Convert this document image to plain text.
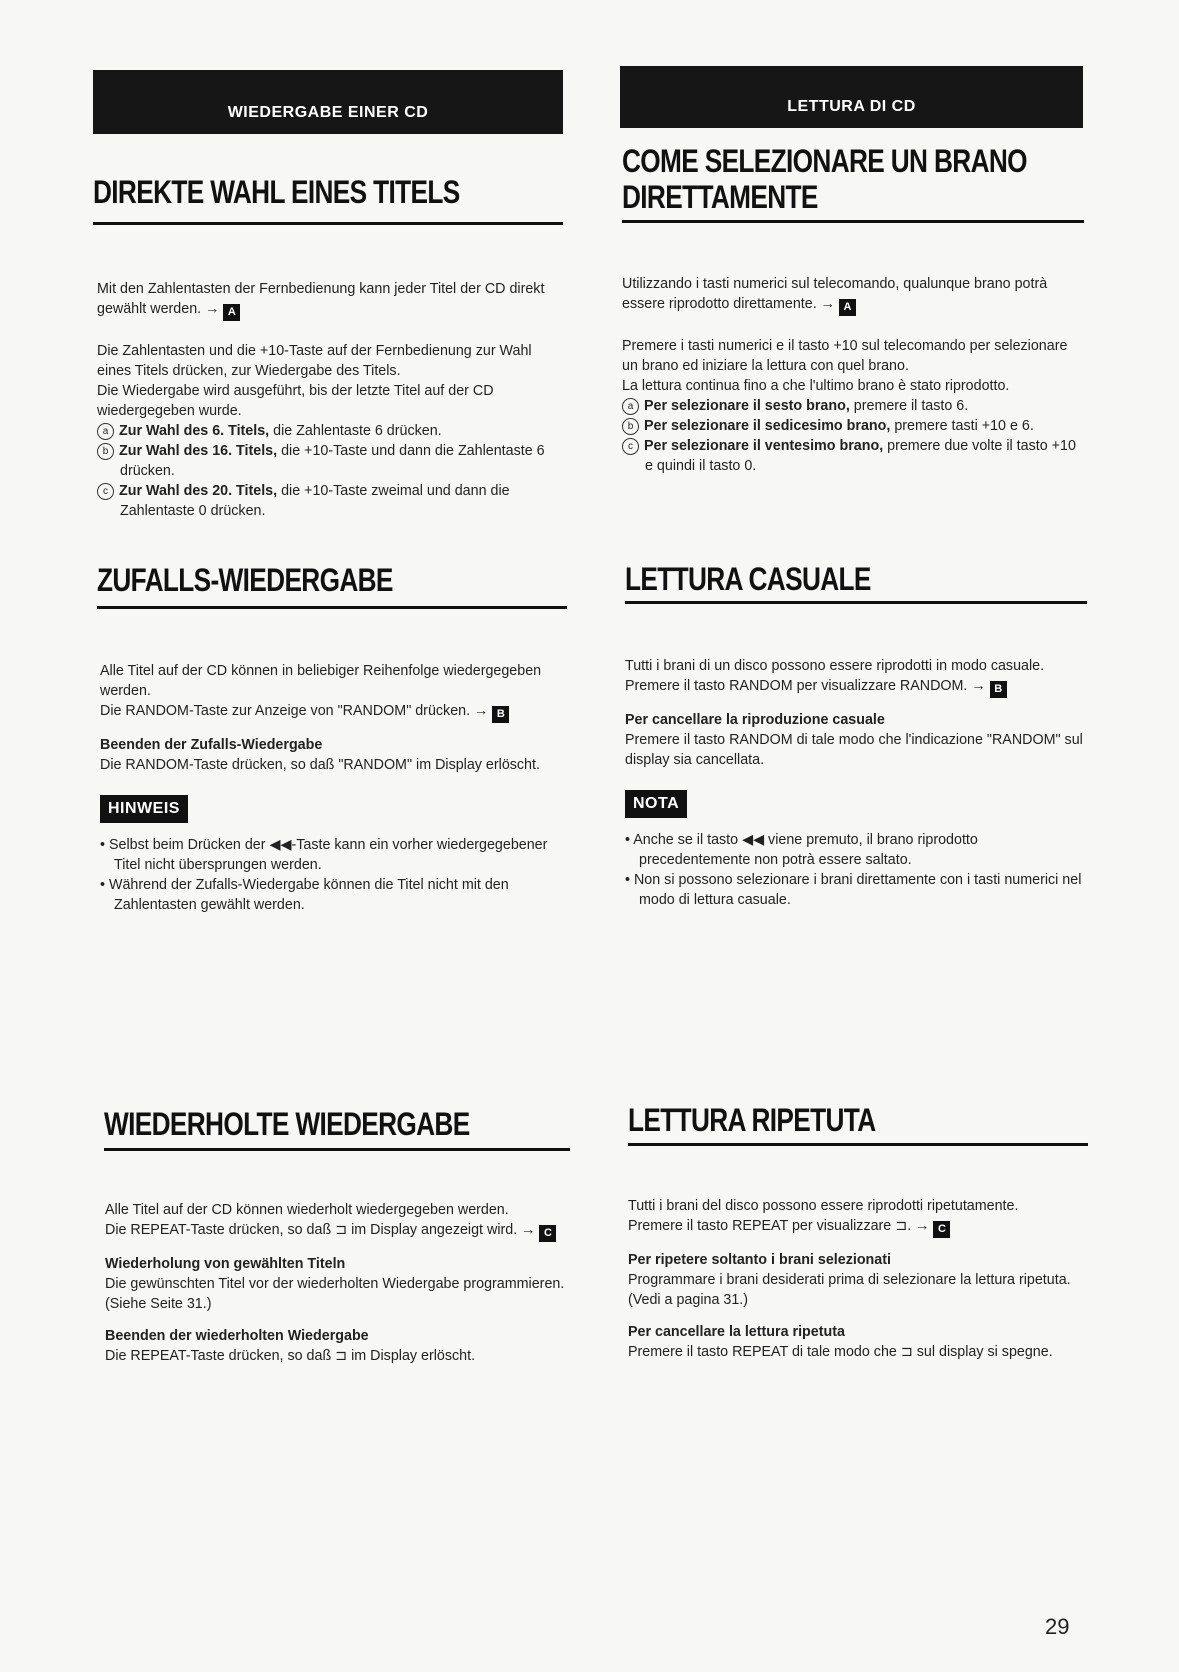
WIEDERGABE EINER CD	LETTURA DI CD
DIREKTE WAHL EINES TITELS

Mit den Zahlentasten der Fernbedienung kann jeder Titel der CD direkt gewählt werden. → A

Die Zahlentasten und die +10-Taste auf der Fernbedienung zur Wahl eines Titels drücken, zur Wiedergabe des Titels.

Die Wiedergabe wird ausgeführt, bis der letzte Titel auf der CD wiedergegeben wurde.

a Zur Wahl des 6. Titels, die Zahlentaste 6 drücken.

b Zur Wahl des 16. Titels, die +10-Taste und dann die Zahlentaste 6 drücken.

c Zur Wahl des 20. Titels, die +10-Taste zweimal und dann die Zahlentaste 0 drücken.

ZUFALLS-WIEDERGABE

Alle Titel auf der CD können in beliebiger Reihenfolge wiedergegeben werden.

Die RANDOM-Taste zur Anzeige von "RANDOM" drücken. → B

Beenden der Zufalls-Wiedergabe

Die RANDOM-Taste drücken, so daß "RANDOM" im Display erlöscht.

HINWEIS

• Selbst beim Drücken der ◀◀-Taste kann ein vorher wiedergegebener Titel nicht übersprungen werden.

• Während der Zufalls-Wiedergabe können die Titel nicht mit den Zahlentasten gewählt werden.

WIEDERHOLTE WIEDERGABE

Alle Titel auf der CD können wiederholt wiedergegeben werden.

Die REPEAT-Taste drücken, so daß ⊐ im Display angezeigt wird. → C

Wiederholung von gewählten Titeln

Die gewünschten Titel vor der wiederholten Wiedergabe programmieren. (Siehe Seite 31.)

Beenden der wiederholten Wiedergabe

Die REPEAT-Taste drücken, so daß ⊐ im Display erlöscht.

COME SELEZIONARE UN BRANO
DIRETTAMENTE

Utilizzando i tasti numerici sul telecomando, qualunque brano potrà essere riprodotto direttamente. → A

Premere i tasti numerici e il tasto +10 sul telecomando per selezionare un brano ed iniziare la lettura con quel brano.

La lettura continua fino a che l'ultimo brano è stato riprodotto.

a Per selezionare il sesto brano, premere il tasto 6.

b Per selezionare il sedicesimo brano, premere tasti +10 e 6.

c Per selezionare il ventesimo brano, premere due volte il tasto +10 e quindi il tasto 0.

LETTURA CASUALE

Tutti i brani di un disco possono essere riprodotti in modo casuale.

Premere il tasto RANDOM per visualizzare RANDOM. → B

Per cancellare la riproduzione casuale

Premere il tasto RANDOM di tale modo che l'indicazione "RANDOM" sul display sia cancellata.

NOTA

• Anche se il tasto ◀◀ viene premuto, il brano riprodotto precedentemente non potrà essere saltato.

• Non si possono selezionare i brani direttamente con i tasti numerici nel modo di lettura casuale.

LETTURA RIPETUTA

Tutti i brani del disco possono essere riprodotti ripetutamente.

Premere il tasto REPEAT per visualizzare ⊐. → C

Per ripetere soltanto i brani selezionati

Programmare i brani desiderati prima di selezionare la lettura ripetuta. (Vedi a pagina 31.)

Per cancellare la lettura ripetuta

Premere il tasto REPEAT di tale modo che ⊐ sul display si spegne.

29
